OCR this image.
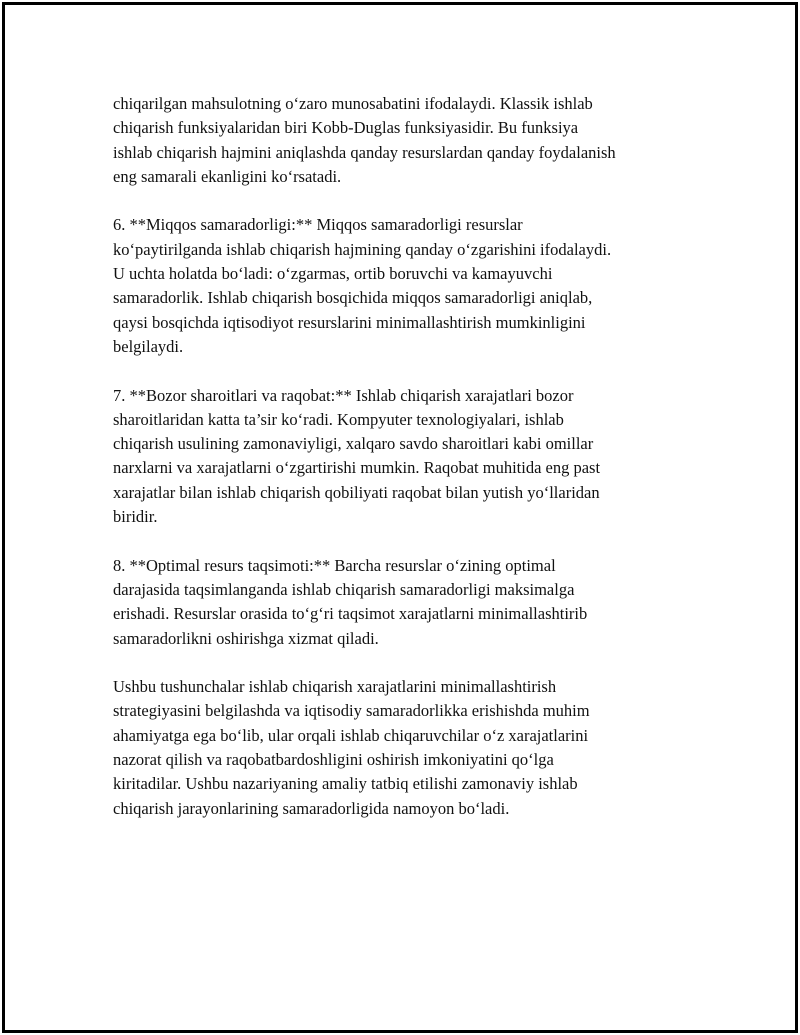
chiqarilgan mahsulotning o‘zaro munosabatini ifodalaydi. Klassik ishlab
chiqarish funksiyalaridan biri Kobb-Duglas funksiyasidir. Bu funksiya
ishlab chiqarish hajmini aniqlashda qanday resurslardan qanday foydalanish
eng samarali ekanligini ko‘rsatadi.

6. **Miqqos samaradorligi:** Miqqos samaradorligi resurslar
ko‘paytirilganda ishlab chiqarish hajmining qanday o‘zgarishini ifodalaydi.
U uchta holatda bo‘ladi: o‘zgarmas, ortib boruvchi va kamayuvchi
samaradorlik. Ishlab chiqarish bosqichida miqqos samaradorligi aniqlab,
qaysi bosqichda iqtisodiyot resurslarini minimallashtirish mumkinligini
belgilaydi.

7. **Bozor sharoitlari va raqobat:** Ishlab chiqarish xarajatlari bozor
sharoitlaridan katta ta’sir ko‘radi. Kompyuter texnologiyalari, ishlab
chiqarish usulining zamonaviyligi, xalqaro savdo sharoitlari kabi omillar
narxlarni va xarajatlarni o‘zgartirishi mumkin. Raqobat muhitida eng past
xarajatlar bilan ishlab chiqarish qobiliyati raqobat bilan yutish yo‘llaridan
biridir.

8. **Optimal resurs taqsimoti:** Barcha resurslar o‘zining optimal
darajasida taqsimlanganda ishlab chiqarish samaradorligi maksimalga
erishadi. Resurslar orasida to‘g‘ri taqsimot xarajatlarni minimallashtirib
samaradorlikni oshirishga xizmat qiladi.

Ushbu tushunchalar ishlab chiqarish xarajatlarini minimallashtirish
strategiyasini belgilashda va iqtisodiy samaradorlikka erishishda muhim
ahamiyatga ega bo‘lib, ular orqali ishlab chiqaruvchilar o‘z xarajatlarini
nazorat qilish va raqobatbardoshligini oshirish imkoniyatini qo‘lga
kiritadilar. Ushbu nazariyaning amaliy tatbiq etilishi zamonaviy ishlab
chiqarish jarayonlarining samaradorligida namoyon bo‘ladi.
